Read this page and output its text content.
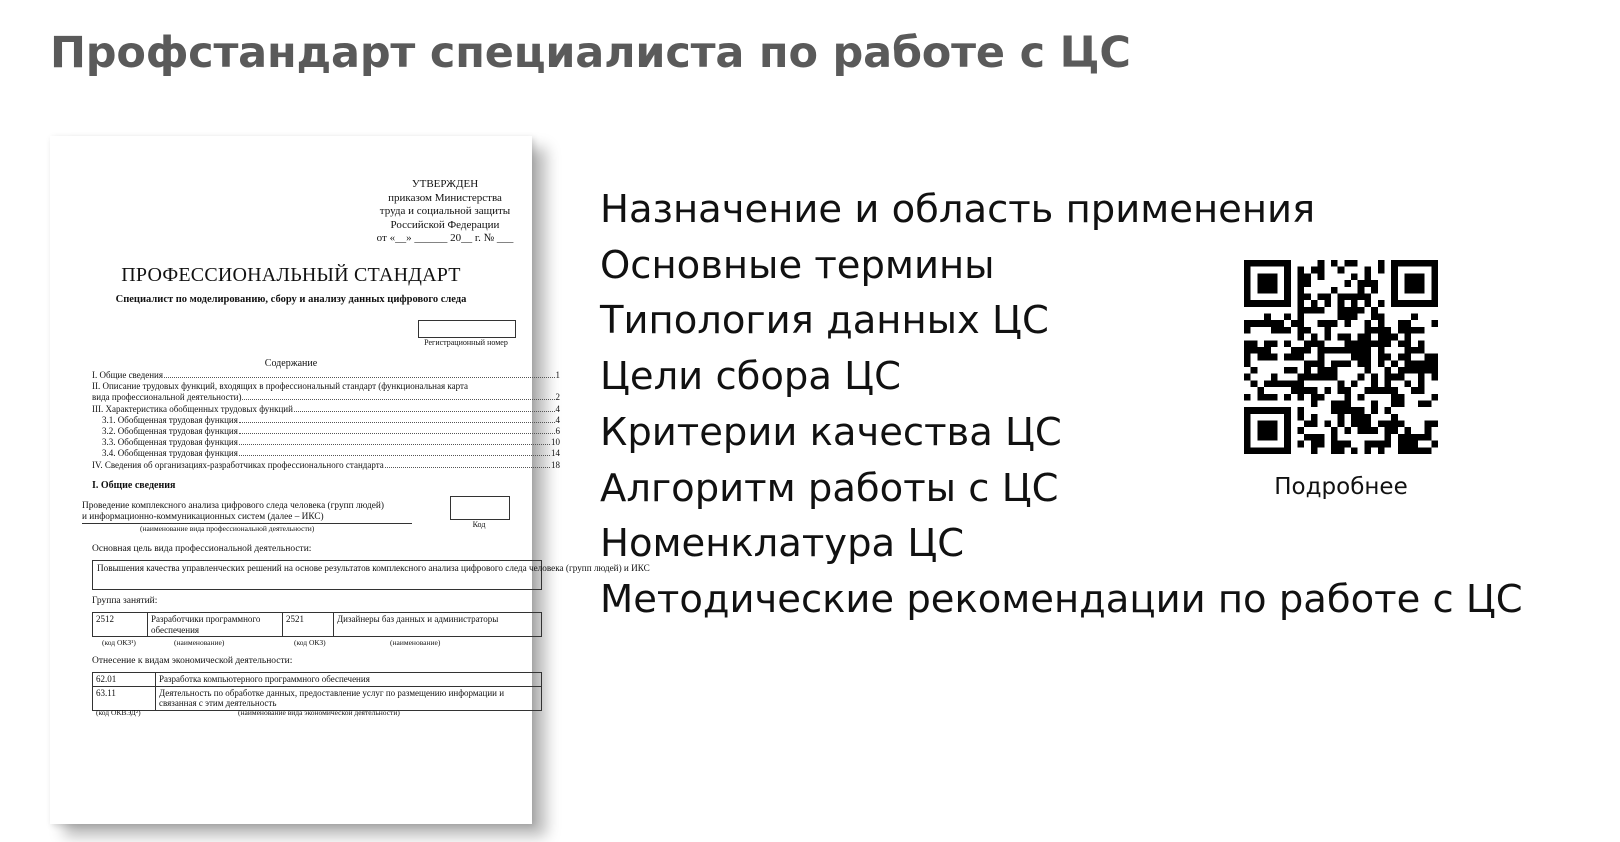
Профстандарт специалиста по работе с ЦС
УТВЕРЖДЕН
приказом Министерства
труда и социальной защиты
Российской Федерации
от «__» ______ 20__ г. № ___
ПРОФЕССИОНАЛЬНЫЙ СТАНДАРТ
Специалист по моделированию, сбору и анализу данных цифрового следа
Регистрационный номер
Содержание
I. Общие сведения	1
II. Описание трудовых функций, входящих в профессиональный стандарт (функциональная карта
вида профессиональной деятельности)	2
III. Характеристика обобщенных трудовых функций	4
3.1. Обобщенная трудовая функция	4
3.2. Обобщенная трудовая функция	6
3.3. Обобщенная трудовая функция	10
3.4. Обобщенная трудовая функция	14
IV. Сведения об организациях-разработчиках профессионального стандарта	18
I. Общие сведения
Проведение комплексного анализа цифрового следа человека (групп людей)
и информационно-коммуникационных систем (далее – ИКС)
(наименование вида профессиональной деятельности)	Код
Основная цель вида профессиональной деятельности:
Повышения качества управленческих решений на основе результатов комплексного анализа цифрового следа человека (групп людей) и ИКС
Группа занятий:
2512	Разработчики программного обеспечения	2521	Дизайнеры баз данных и администраторы
(код ОКЗ¹)	(наименование)	(код ОКЗ)	(наименование)
Отнесение к видам экономической деятельности:
62.01	Разработка компьютерного программного обеспечения
63.11	Деятельность по обработке данных, предоставление услуг по размещению информации и связанная с этим деятельность
(код ОКВЭД²)	(наименование вида экономической деятельности)
Назначение и область применения
Основные термины
Типология данных ЦС
Цели сбора ЦС
Критерии качества ЦС
Алгоритм работы с ЦС
Номенклатура ЦС
Методические рекомендации по работе с ЦС
Подробнее
